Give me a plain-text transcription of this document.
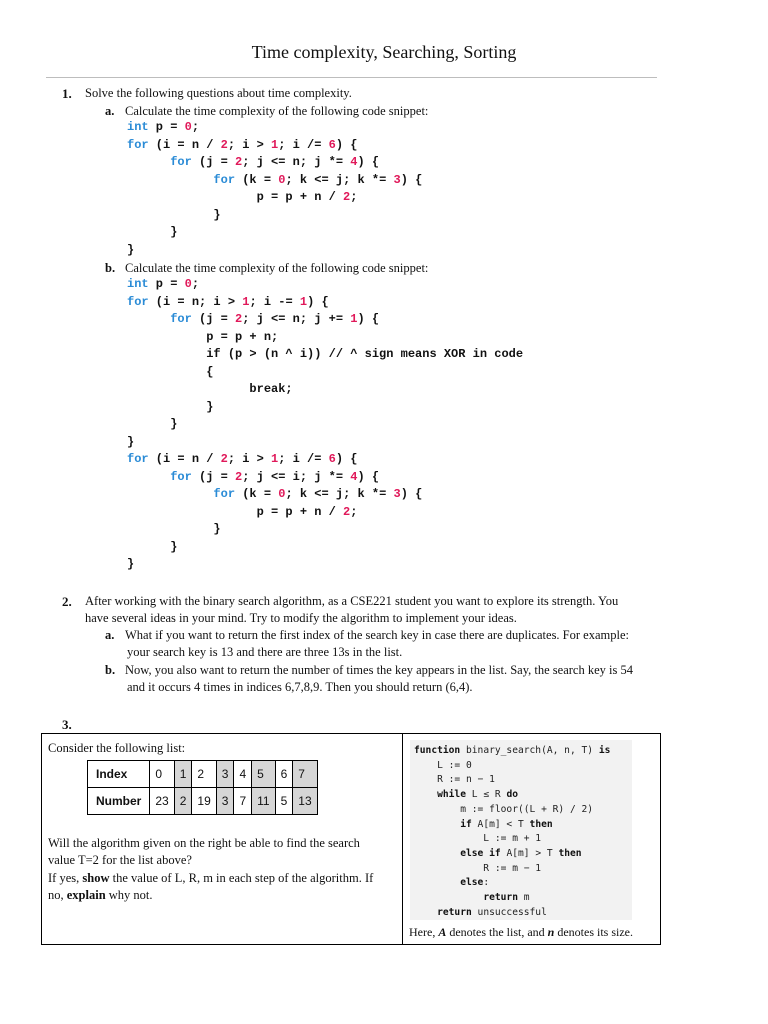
Time complexity, Searching, Sorting
1. Solve the following questions about time complexity.
a. Calculate the time complexity of the following code snippet:
int p = 0;
for (i = n / 2; i > 1; i /= 6) {
for (j = 2; j <= n; j *= 4) {
for (k = 0; k <= j; k *= 3) {
p = p + n / 2;
}
}
}
b. Calculate the time complexity of the following code snippet:
int p = 0;
for (i = n; i > 1; i -= 1) {
for (j = 2; j <= n; j += 1) {
p = p + n;
if (p > (n ^ i)) // ^ sign means XOR in code
{
break;
}
}
}
for (i = n / 2; i > 1; i /= 6) {
for (j = 2; j <= i; j *= 4) {
for (k = 0; k <= j; k *= 3) {
p = p + n / 2;
}
}
}
2. After working with the binary search algorithm, as a CSE221 student you want to explore its strength. You
have several ideas in your mind. Try to modify the algorithm to implement your ideas.
a. What if you want to return the first index of the search key in case there are duplicates. For example:
your search key is 13 and there are three 13s in the list.
b. Now, you also want to return the number of times the key appears in the list. Say, the search key is 54
and it occurs 4 times in indices 6,7,8,9. Then you should return (6,4).
3.
Consider the following list:
Index	0	1	2	3	4	5	6	7
Number	23	2	19	3	7	11	5	13
Will the algorithm given on the right be able to find the search
value T=2 for the list above?
If yes, show the value of L, R, m in each step of the algorithm. If
no, explain why not.
function binary_search(A, n, T) is
L := 0
R := n − 1
while L ≤ R do
m := floor((L + R) / 2)
if A[m] < T then
L := m + 1
else if A[m] > T then
R := m − 1
else:
return m
return unsuccessful
Here, A denotes the list, and n denotes its size.
